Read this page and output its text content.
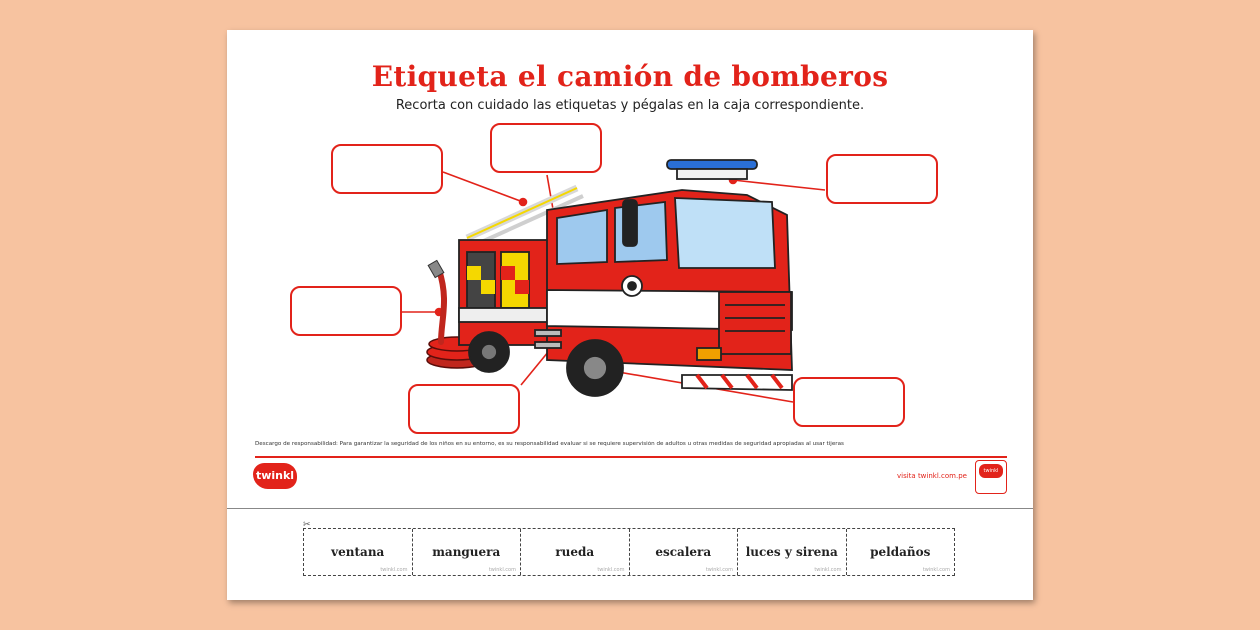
Etiqueta el camión de bomberos
Recorta con cuidado las etiquetas y pégalas en la caja correspondiente.
Descargo de responsabilidad: Para garantizar la seguridad de los niños en su entorno, es su responsabilidad evaluar si se requiere supervisión de adultos u otras medidas de seguridad apropiadas al usar tijeras
twinkl	visita twinkl.com.pe
twinkl
✂
ventana
twinkl.com
manguera
twinkl.com
rueda
twinkl.com
escalera
twinkl.com
luces y sirena
twinkl.com
peldaños
twinkl.com
